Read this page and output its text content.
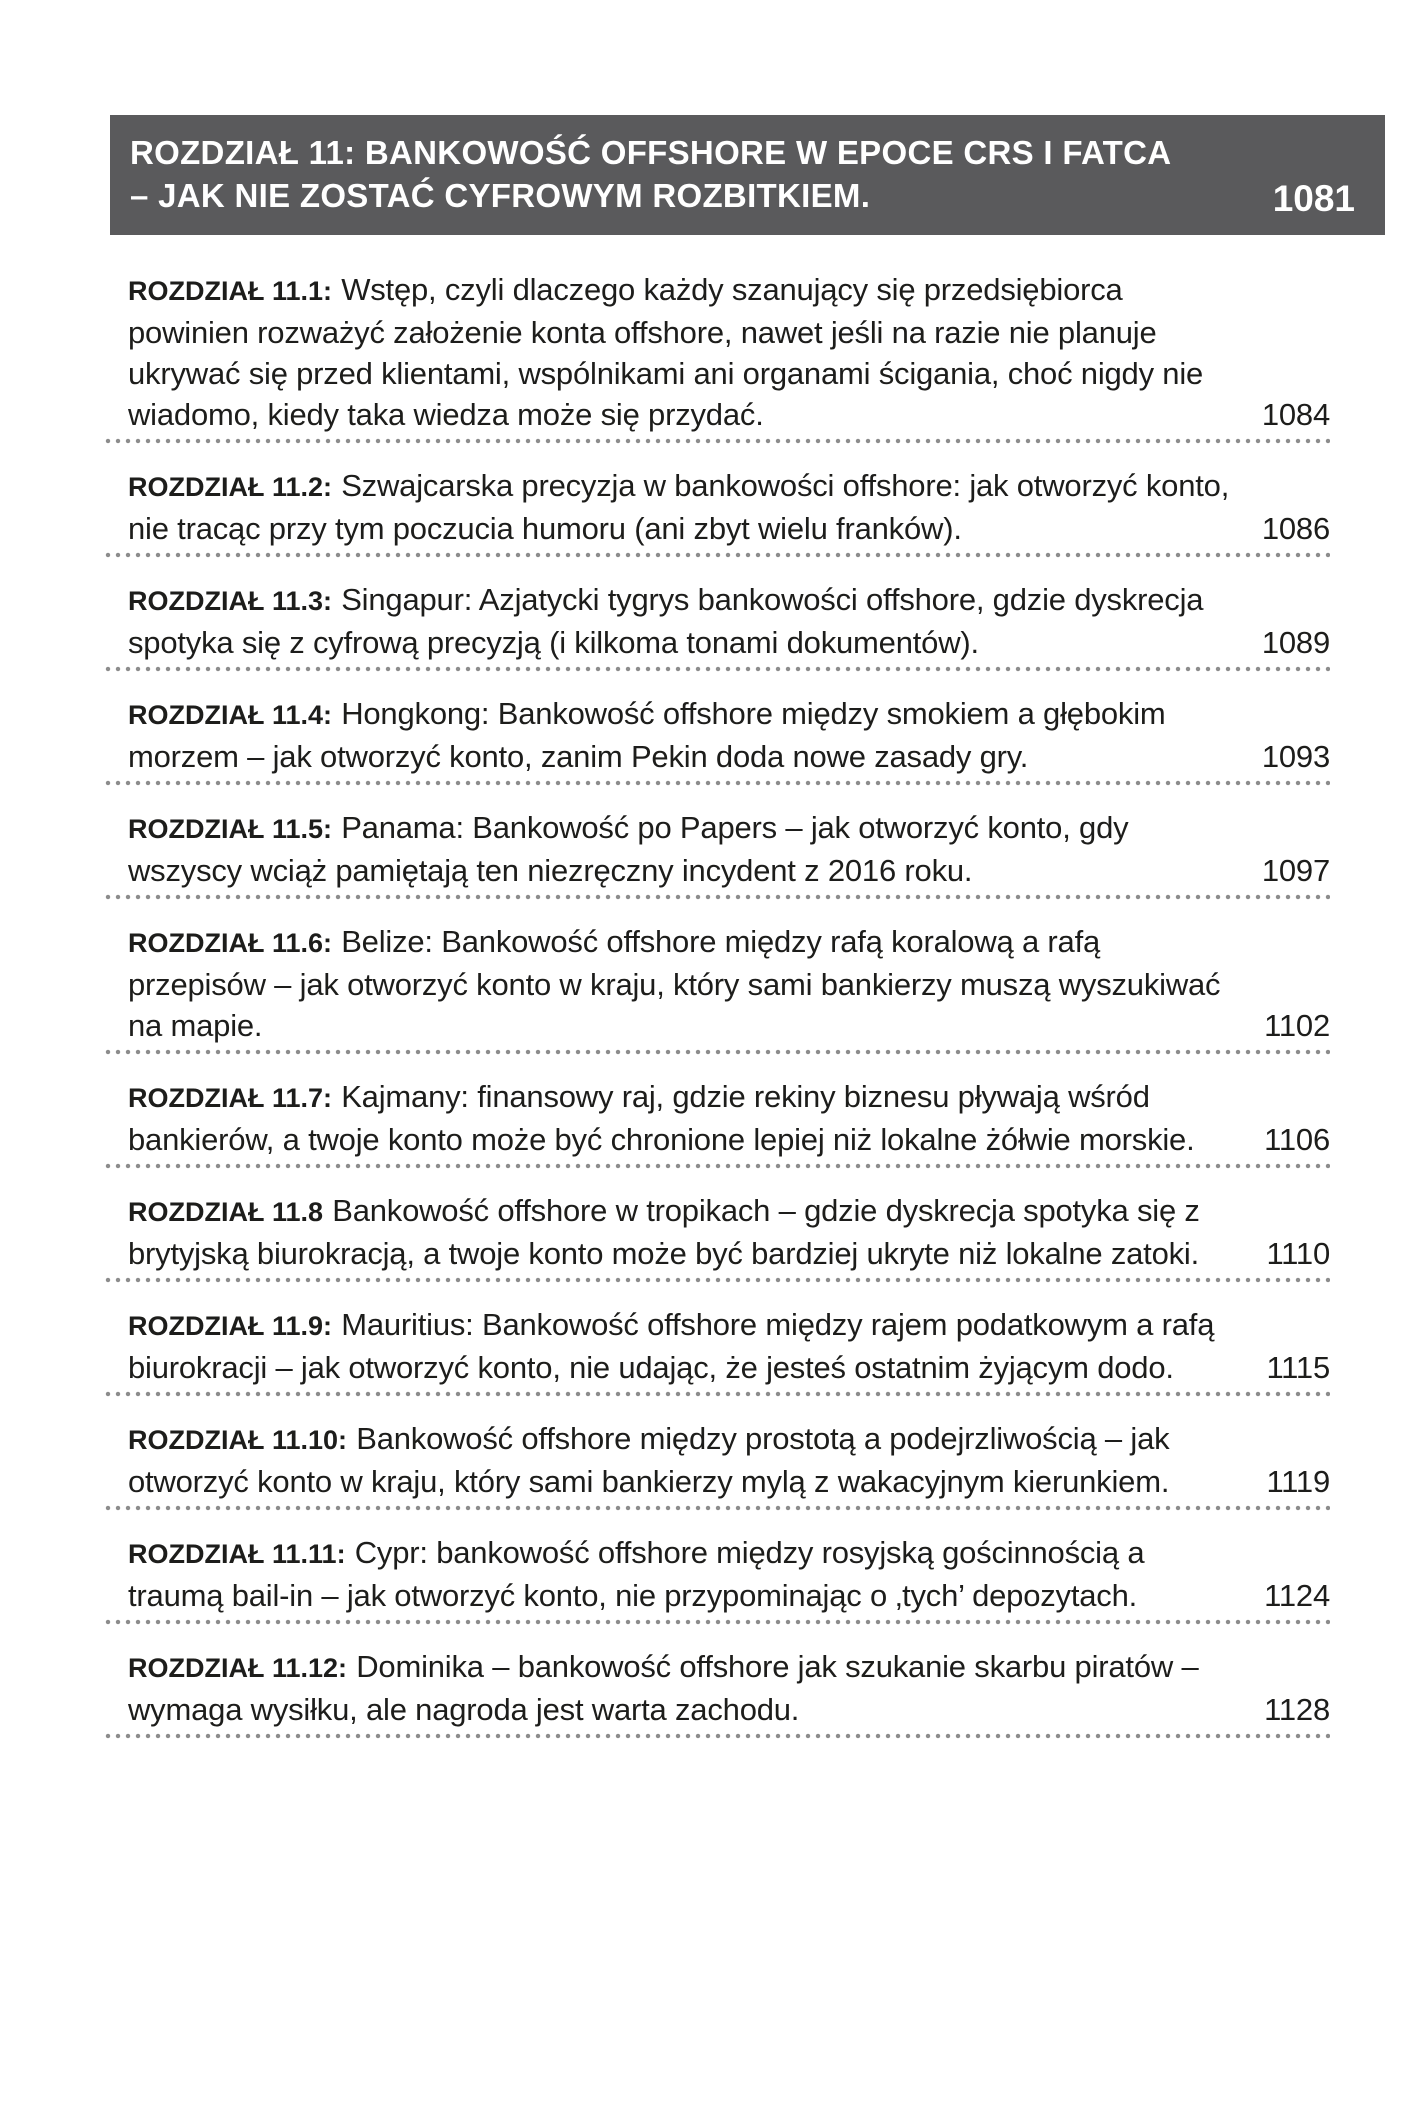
ROZDZIAŁ 11: BANKOWOŚĆ OFFSHORE W EPOCE CRS I FATCA
– JAK NIE ZOSTAĆ CYFROWYM ROZBITKIEM.	1081
ROZDZIAŁ 11.1: Wstęp, czyli dlaczego każdy szanujący się przedsiębiorca powinien rozważyć założenie konta offshore, nawet jeśli na razie nie planuje ukrywać się przed klientami, wspólnikami ani organami ścigania, choć nigdy nie wiadomo, kiedy taka wiedza może się przydać.	1084
ROZDZIAŁ 11.2: Szwajcarska precyzja w bankowości offshore: jak otworzyć konto, nie tracąc przy tym poczucia humoru (ani zbyt wielu franków).	1086
ROZDZIAŁ 11.3: Singapur: Azjatycki tygrys bankowości offshore, gdzie dyskrecja spotyka się z cyfrową precyzją (i kilkoma tonami dokumentów).	1089
ROZDZIAŁ 11.4: Hongkong: Bankowość offshore między smokiem a głębokim morzem – jak otworzyć konto, zanim Pekin doda nowe zasady gry.	1093
ROZDZIAŁ 11.5: Panama: Bankowość po Papers – jak otworzyć konto, gdy wszyscy wciąż pamiętają ten niezręczny incydent z 2016 roku.	1097
ROZDZIAŁ 11.6: Belize: Bankowość offshore między rafą koralową a rafą przepisów – jak otworzyć konto w kraju, który sami bankierzy muszą wyszukiwać na mapie.	1102
ROZDZIAŁ 11.7: Kajmany: finansowy raj, gdzie rekiny biznesu pływają wśród bankierów, a twoje konto może być chronione lepiej niż lokalne żółwie morskie. 1106
ROZDZIAŁ 11.8 Bankowość offshore w tropikach – gdzie dyskrecja spotyka się z brytyjską biurokracją, a twoje konto może być bardziej ukryte niż lokalne zatoki. 1110
ROZDZIAŁ 11.9: Mauritius: Bankowość offshore między rajem podatkowym a rafą biurokracji – jak otworzyć konto, nie udając, że jesteś ostatnim żyjącym dodo.	1115
ROZDZIAŁ 11.10: Bankowość offshore między prostotą a podejrzliwością – jak otworzyć konto w kraju, który sami bankierzy mylą z wakacyjnym kierunkiem.	1119
ROZDZIAŁ 11.11: Cypr: bankowość offshore między rosyjską gościnnością a traumą bail-in – jak otworzyć konto, nie przypominając o ‚tych’ depozytach.	1124
ROZDZIAŁ 11.12: Dominika – bankowość offshore jak szukanie skarbu piratów – wymaga wysiłku, ale nagroda jest warta zachodu.	1128
